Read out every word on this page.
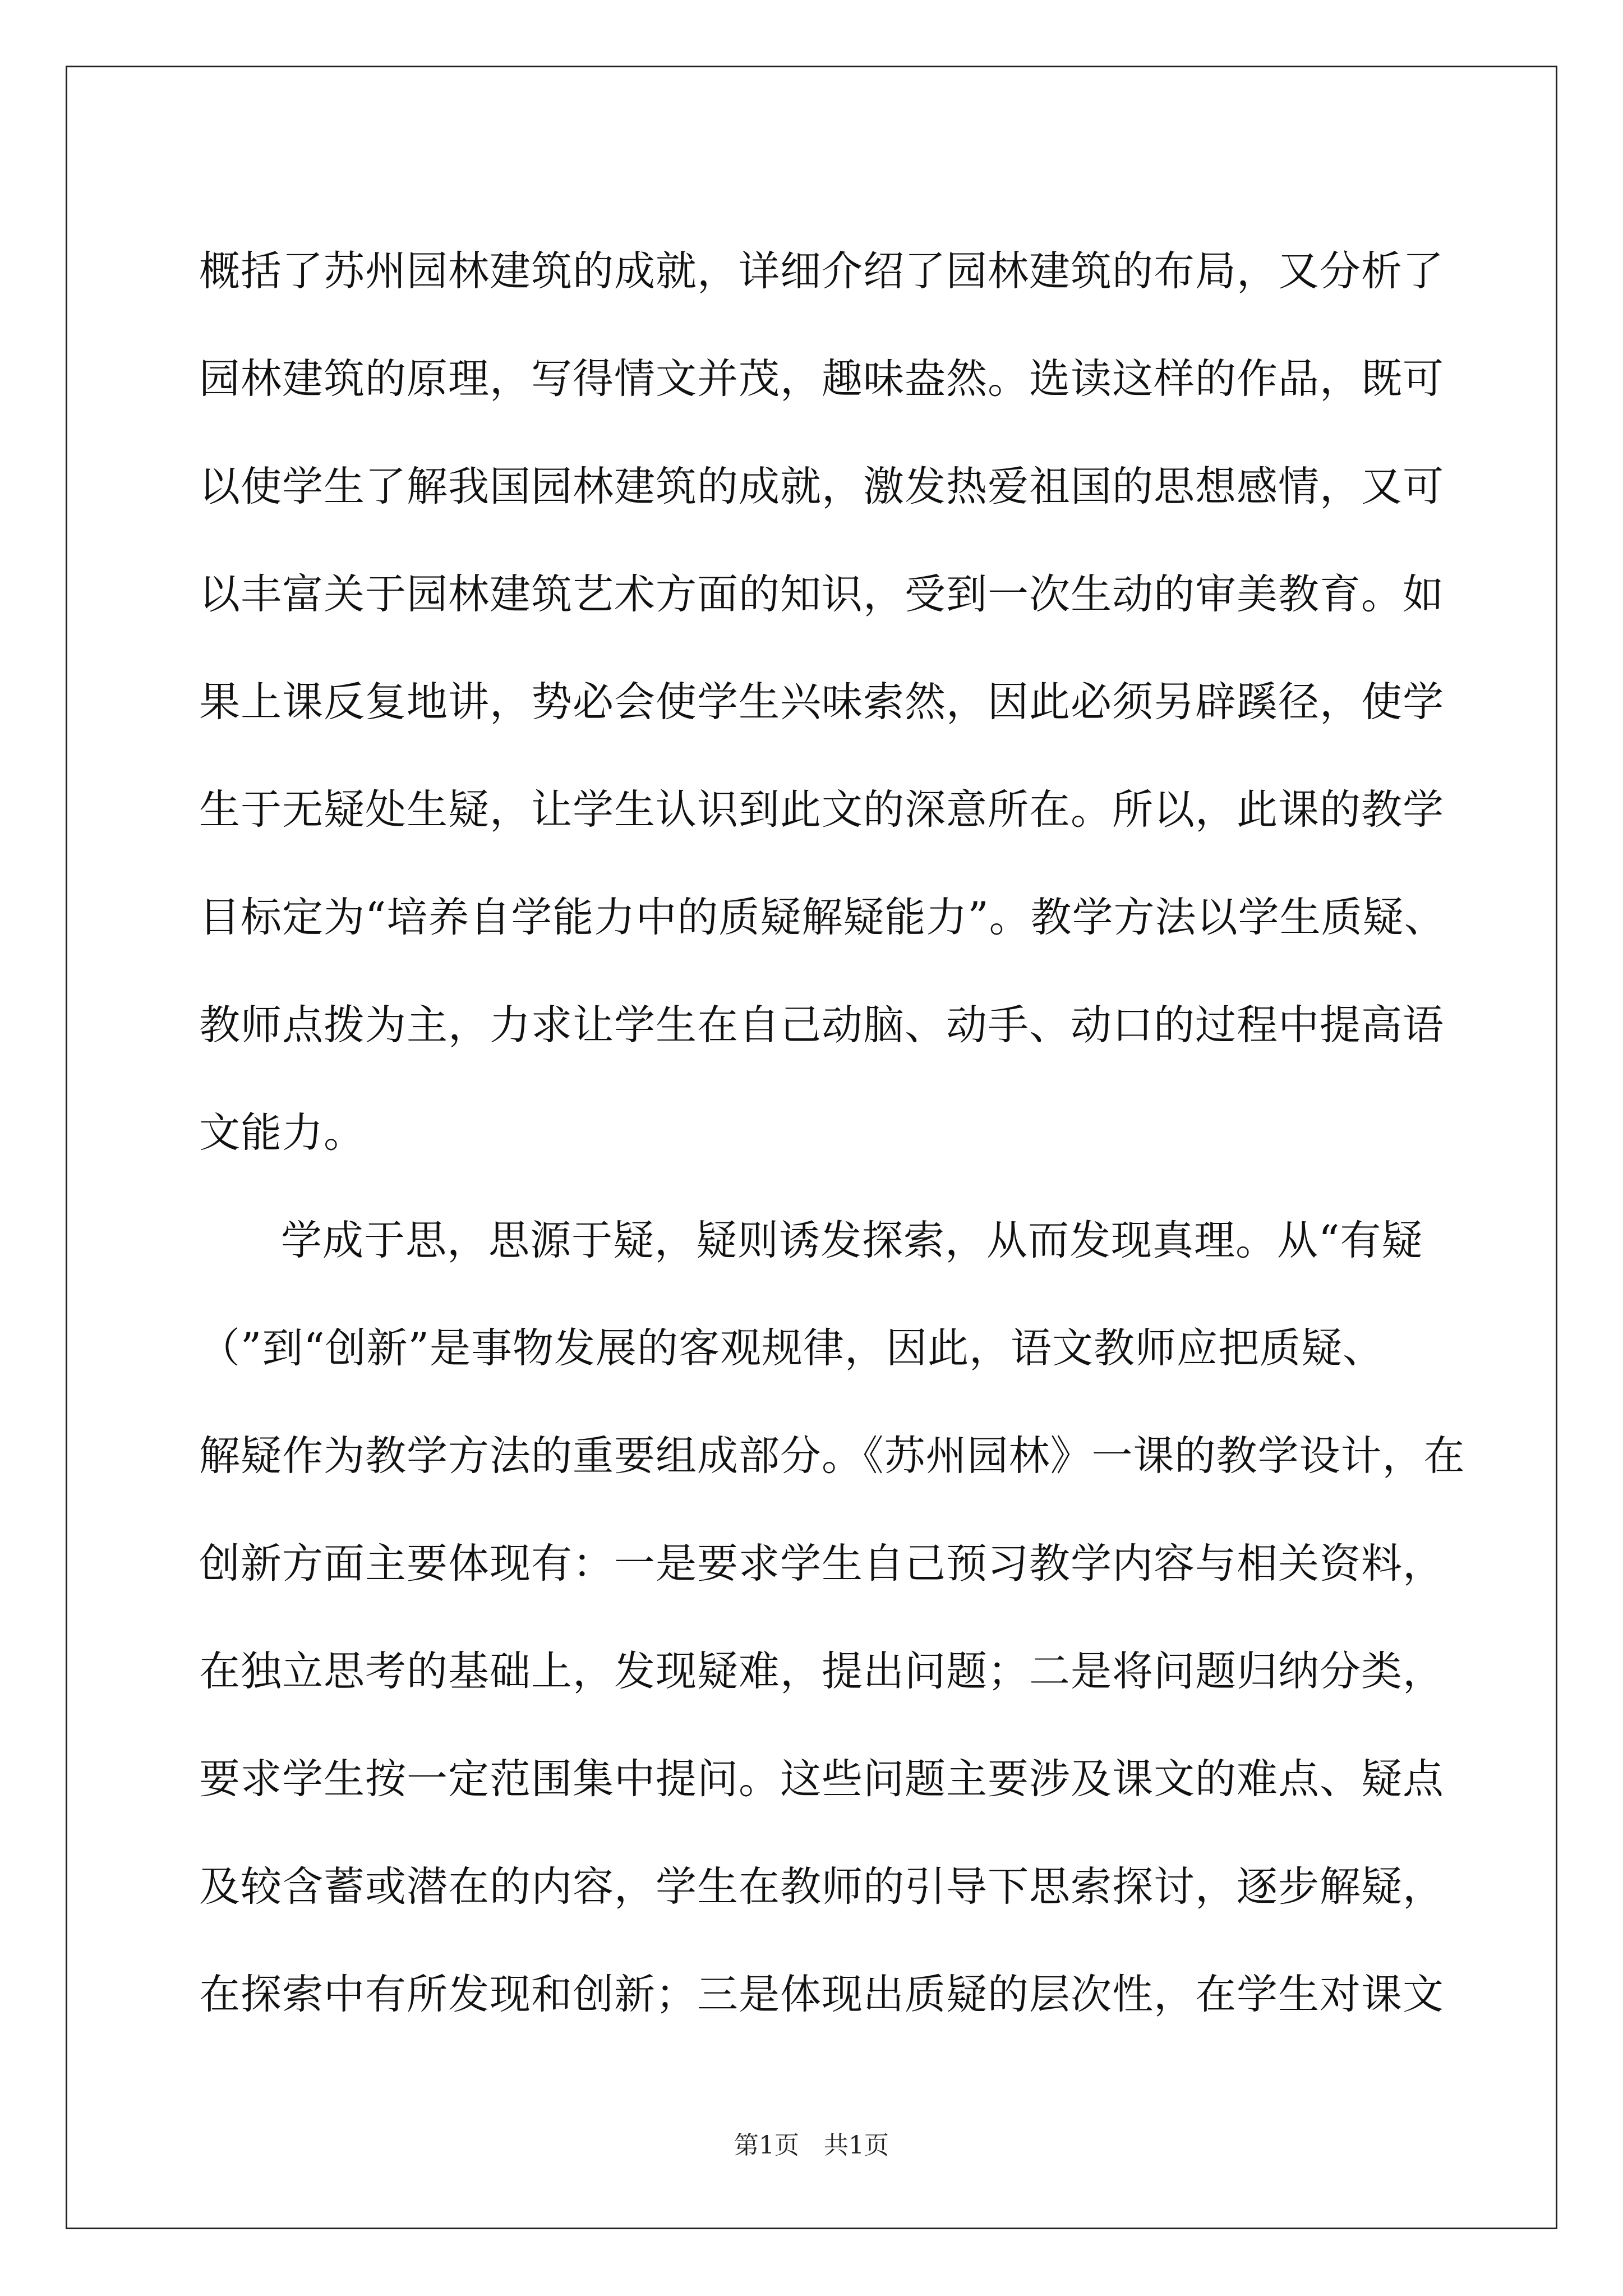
概括了苏州园林建筑的成就，详细介绍了园林建筑的布局，又分析了
园林建筑的原理，写得情文并茂，趣味盎然。选读这样的作品，既可
以使学生了解我国园林建筑的成就，激发热爱祖国的思想感情，又可
以丰富关于园林建筑艺术方面的知识，受到一次生动的审美教育。如
果上课反复地讲，势必会使学生兴味索然，因此必须另辟蹊径，使学
生于无疑处生疑，让学生认识到此文的深意所在。所以，此课的教学
目标定为“培养自学能力中的质疑解疑能力”。教学方法以学生质疑、
教师点拨为主，力求让学生在自己动脑、动手、动口的过程中提高语
文能力。
学成于思，思源于疑，疑则诱发探索，从而发现真理。从“有疑
（”到“创新”是事物发展的客观规律，因此，语文教师应把质疑、
解疑作为教学方法的重要组成部分。《苏州园林》一课的教学设计，在
创新方面主要体现有：一是要求学生自己预习教学内容与相关资料，
在独立思考的基础上，发现疑难，提出问题；二是将问题归纳分类，
要求学生按一定范围集中提问。这些问题主要涉及课文的难点、疑点
及较含蓄或潜在的内容，学生在教师的引导下思索探讨，逐步解疑，
在探索中有所发现和创新；三是体现出质疑的层次性，在学生对课文
第1页　共1页
